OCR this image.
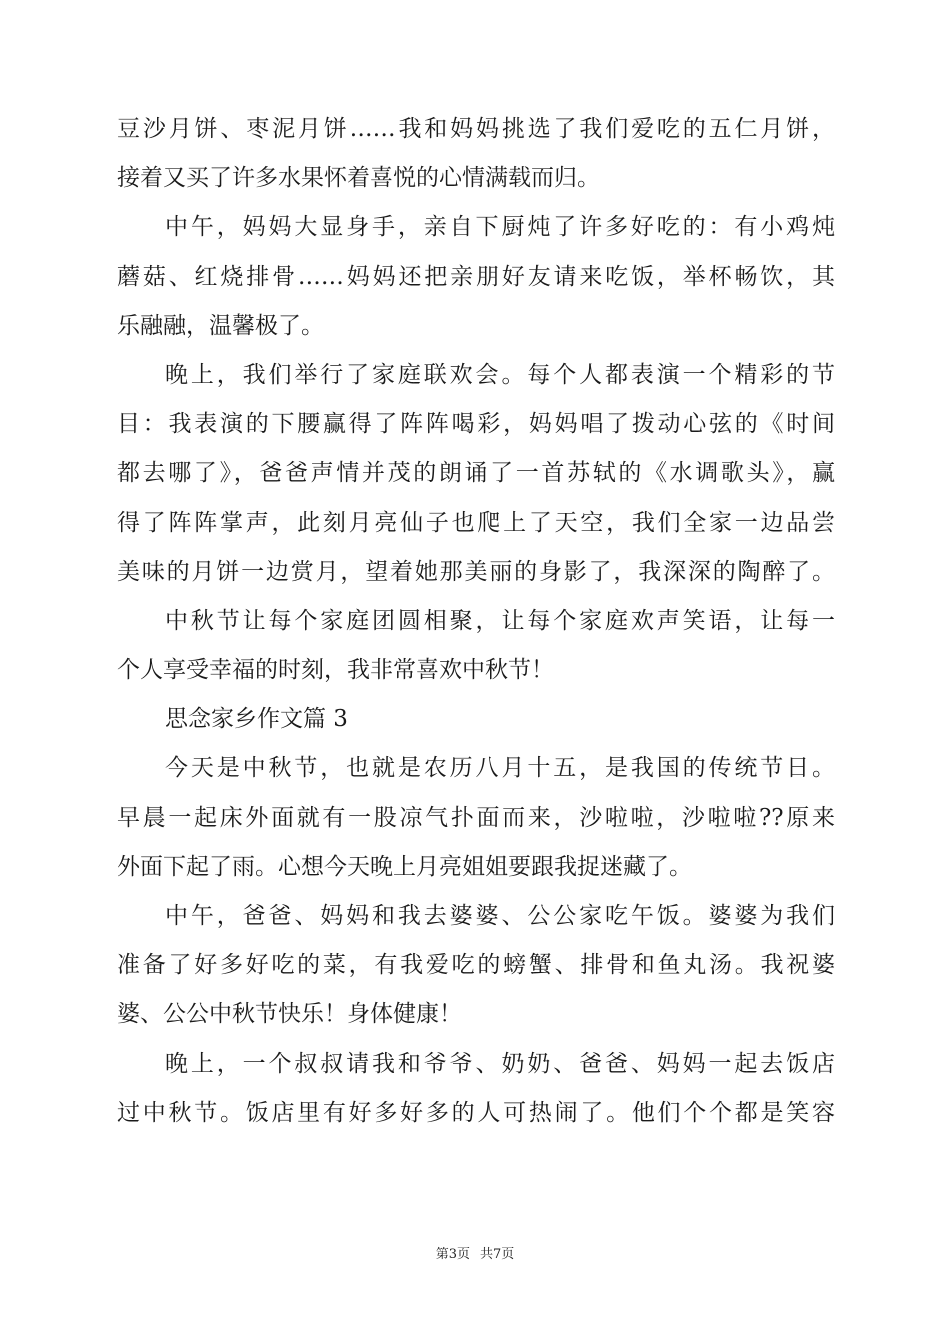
豆沙月饼、枣泥月饼……我和妈妈挑选了我们爱吃的五仁月饼，
接着又买了许多水果怀着喜悦的心情满载而归。
中午，妈妈大显身手，亲自下厨炖了许多好吃的：有小鸡炖
蘑菇、红烧排骨……妈妈还把亲朋好友请来吃饭，举杯畅饮，其
乐融融，温馨极了。
晚上，我们举行了家庭联欢会。每个人都表演一个精彩的节
目：我表演的下腰赢得了阵阵喝彩，妈妈唱了拨动心弦的《时间
都去哪了》，爸爸声情并茂的朗诵了一首苏轼的《水调歌头》，赢
得了阵阵掌声，此刻月亮仙子也爬上了天空，我们全家一边品尝
美味的月饼一边赏月，望着她那美丽的身影了，我深深的陶醉了。
中秋节让每个家庭团圆相聚，让每个家庭欢声笑语，让每一
个人享受幸福的时刻，我非常喜欢中秋节！
思念家乡作文篇 3
今天是中秋节，也就是农历八月十五，是我国的传统节日。
早晨一起床外面就有一股凉气扑面而来，沙啦啦，沙啦啦??原来
外面下起了雨。心想今天晚上月亮姐姐要跟我捉迷藏了。
中午，爸爸、妈妈和我去婆婆、公公家吃午饭。婆婆为我们
准备了好多好吃的菜，有我爱吃的螃蟹、排骨和鱼丸汤。我祝婆
婆、公公中秋节快乐！身体健康！
晚上，一个叔叔请我和爷爷、奶奶、爸爸、妈妈一起去饭店
过中秋节。饭店里有好多好多的人可热闹了。他们个个都是笑容
第3页 共7页
